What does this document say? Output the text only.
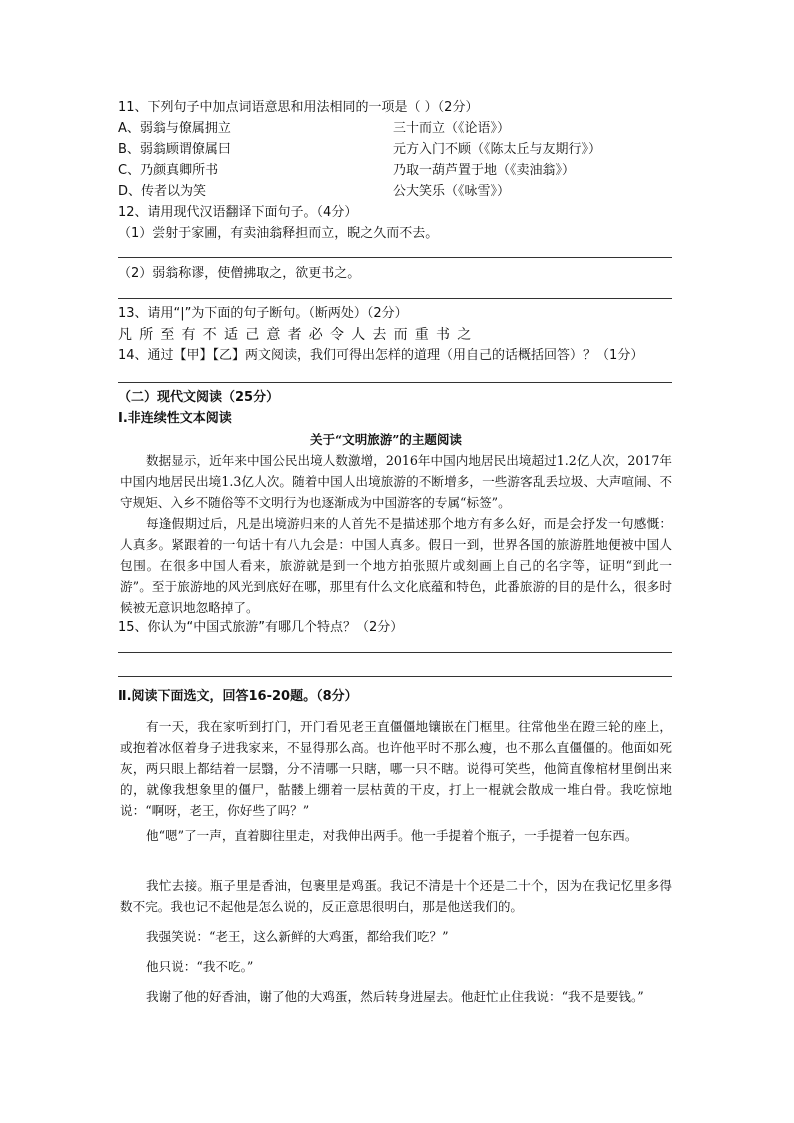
11、下列句子中加点词语意思和用法相同的一项是（ ）（2分）
A、弱翁与僚属拥立	三十而立（《论语》）
B、弱翁顾谓僚属曰	元方入门不顾（《陈太丘与友期行》）
C、乃颜真卿所书	乃取一葫芦置于地（《卖油翁》）
D、传者以为笑	公大笑乐（《咏雪》）
12、请用现代汉语翻译下面句子。（4分）
（1）尝射于家圃，有卖油翁释担而立，睨之久而不去。
（2）弱翁称谬，使僧拂取之，欲更书之。
13、请用“|”为下面的句子断句。（断两处）（2分）
凡所至有不适己意者必令人去而重书之
14、通过【甲】【乙】两文阅读，我们可得出怎样的道理（用自己的话概括回答）？（1分）
（二）现代文阅读（25分）
Ⅰ.非连续性文本阅读
关于“文明旅游”的主题阅读
数据显示，近年来中国公民出境人数激增，2016年中国内地居民出境超过1.2亿人次，2017年中国内地居民出境1.3亿人次。随着中国人出境旅游的不断增多，一些游客乱丢垃圾、大声喧闹、不守规矩、入乡不随俗等不文明行为也逐渐成为中国游客的专属“标签”。
每逢假期过后，凡是出境游归来的人首先不是描述那个地方有多么好，而是会抒发一句感慨：人真多。紧跟着的一句话十有八九会是：中国人真多。假日一到，世界各国的旅游胜地便被中国人包围。在很多中国人看来，旅游就是到一个地方拍张照片或刻画上自己的名字等，证明“到此一游”。至于旅游地的风光到底好在哪，那里有什么文化底蕴和特色，此番旅游的目的是什么，很多时候被无意识地忽略掉了。
15、你认为“中国式旅游”有哪几个特点？（2分）
Ⅱ.阅读下面选文，回答16-20题。（8分）
有一天，我在家听到打门，开门看见老王直僵僵地镶嵌在门框里。往常他坐在蹬三轮的座上，或抱着冰伛着身子进我家来，不显得那么高。也许他平时不那么瘦，也不那么直僵僵的。他面如死灰，两只眼上都结着一层翳，分不清哪一只瞎，哪一只不瞎。说得可笑些，他简直像棺材里倒出来的，就像我想象里的僵尸，骷髅上绷着一层枯黄的干皮，打上一棍就会散成一堆白骨。我吃惊地说：“啊呀，老王，你好些了吗？”
他“嗯”了一声，直着脚往里走，对我伸出两手。他一手提着个瓶子，一手提着一包东西。
我忙去接。瓶子里是香油，包裹里是鸡蛋。我记不清是十个还是二十个，因为在我记忆里多得数不完。我也记不起他是怎么说的，反正意思很明白，那是他送我们的。
我强笑说：“老王，这么新鲜的大鸡蛋，都给我们吃？”
他只说：“我不吃。”
我谢了他的好香油，谢了他的大鸡蛋，然后转身进屋去。他赶忙止住我说：“我不是要钱。”
